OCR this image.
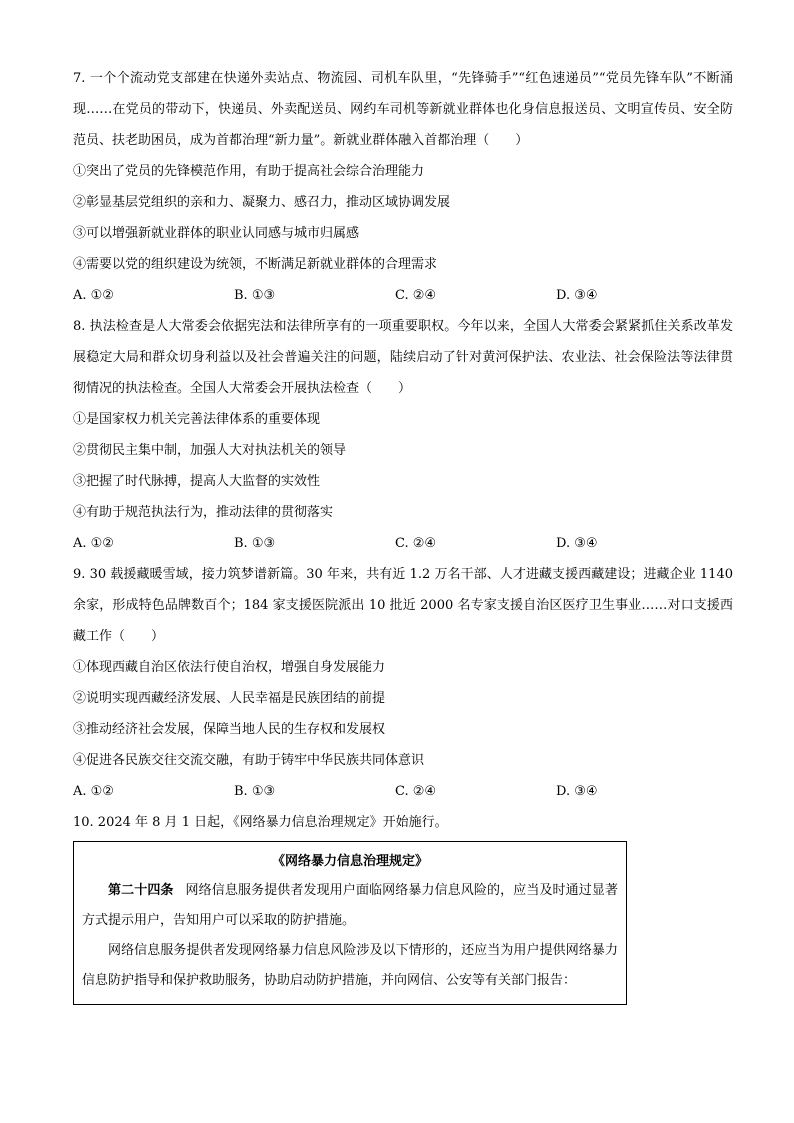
7. 一个个流动党支部建在快递外卖站点、物流园、司机车队里，“先锋骑手”“红色速递员”“党员先锋车队”不断涌现……在党员的带动下，快递员、外卖配送员、网约车司机等新就业群体也化身信息报送员、文明宣传员、安全防范员、扶老助困员，成为首都治理“新力量”。新就业群体融入首都治理（　　）

①突出了党员的先锋模范作用，有助于提高社会综合治理能力

②彰显基层党组织的亲和力、凝聚力、感召力，推动区域协调发展

③可以增强新就业群体的职业认同感与城市归属感

④需要以党的组织建设为统领，不断满足新就业群体的合理需求

A. ①②	B. ①③	C. ②④	D. ③④

8. 执法检查是人大常委会依据宪法和法律所享有的一项重要职权。今年以来，全国人大常委会紧紧抓住关系改革发展稳定大局和群众切身利益以及社会普遍关注的问题，陆续启动了针对黄河保护法、农业法、社会保险法等法律贯彻情况的执法检查。全国人大常委会开展执法检查（　　）

①是国家权力机关完善法律体系的重要体现

②贯彻民主集中制，加强人大对执法机关的领导

③把握了时代脉搏，提高人大监督的实效性

④有助于规范执法行为，推动法律的贯彻落实

A. ①②	B. ①③	C. ②④	D. ③④

9. 30 载援藏暖雪域，接力筑梦谱新篇。30 年来，共有近 1.2 万名干部、人才进藏支援西藏建设；进藏企业 1140 余家，形成特色品牌数百个；184 家支援医院派出 10 批近 2000 名专家支援自治区医疗卫生事业……对口支援西藏工作（　　）

①体现西藏自治区依法行使自治权，增强自身发展能力

②说明实现西藏经济发展、人民幸福是民族团结的前提

③推动经济社会发展，保障当地人民的生存权和发展权

④促进各民族交往交流交融，有助于铸牢中华民族共同体意识

A. ①②	B. ①③	C. ②④	D. ③④

10. 2024 年 8 月 1 日起，《网络暴力信息治理规定》开始施行。

《网络暴力信息治理规定》

第二十四条 网络信息服务提供者发现用户面临网络暴力信息风险的，应当及时通过显著方式提示用户，告知用户可以采取的防护措施。

网络信息服务提供者发现网络暴力信息风险涉及以下情形的，还应当为用户提供网络暴力信息防护指导和保护救助服务，协助启动防护措施，并向网信、公安等有关部门报告：
